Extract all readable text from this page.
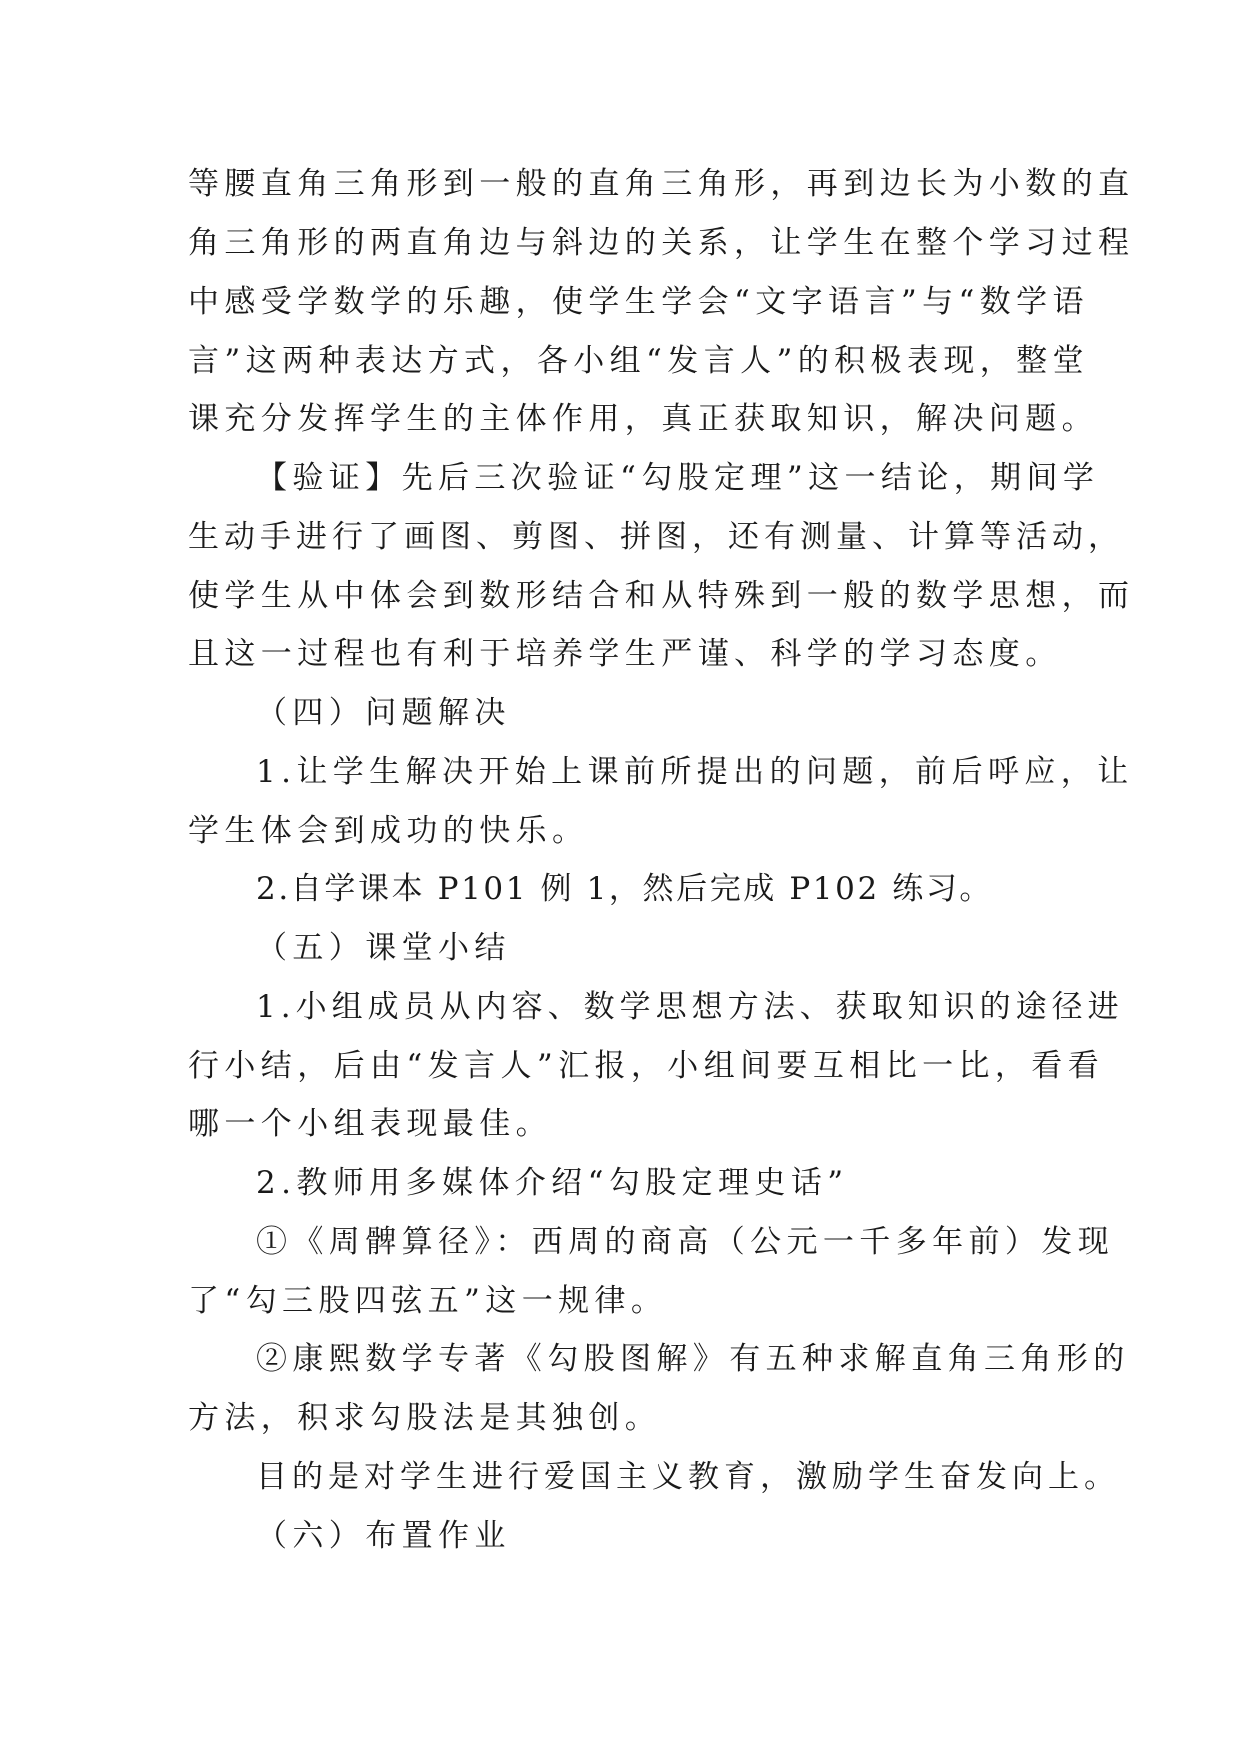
等腰直角三角形到一般的直角三角形，再到边长为小数的直

角三角形的两直角边与斜边的关系，让学生在整个学习过程

中感受学数学的乐趣，使学生学会“文字语言”与“数学语

言”这两种表达方式，各小组“发言人”的积极表现，整堂

课充分发挥学生的主体作用，真正获取知识，解决问题。

【验证】先后三次验证“勾股定理”这一结论，期间学

生动手进行了画图、剪图、拼图，还有测量、计算等活动，

使学生从中体会到数形结合和从特殊到一般的数学思想，而

且这一过程也有利于培养学生严谨、科学的学习态度。

（四）问题解决

1.让学生解决开始上课前所提出的问题，前后呼应，让

学生体会到成功的快乐。

2.自学课本 P101 例 1，然后完成 P102 练习。

（五）课堂小结

1.小组成员从内容、数学思想方法、获取知识的途径进

行小结，后由“发言人”汇报，小组间要互相比一比，看看

哪一个小组表现最佳。

2.教师用多媒体介绍“勾股定理史话”

①《周髀算径》：西周的商高（公元一千多年前）发现

了“勾三股四弦五”这一规律。

②康熙数学专著《勾股图解》有五种求解直角三角形的

方法，积求勾股法是其独创。

目的是对学生进行爱国主义教育，激励学生奋发向上。

（六）布置作业
